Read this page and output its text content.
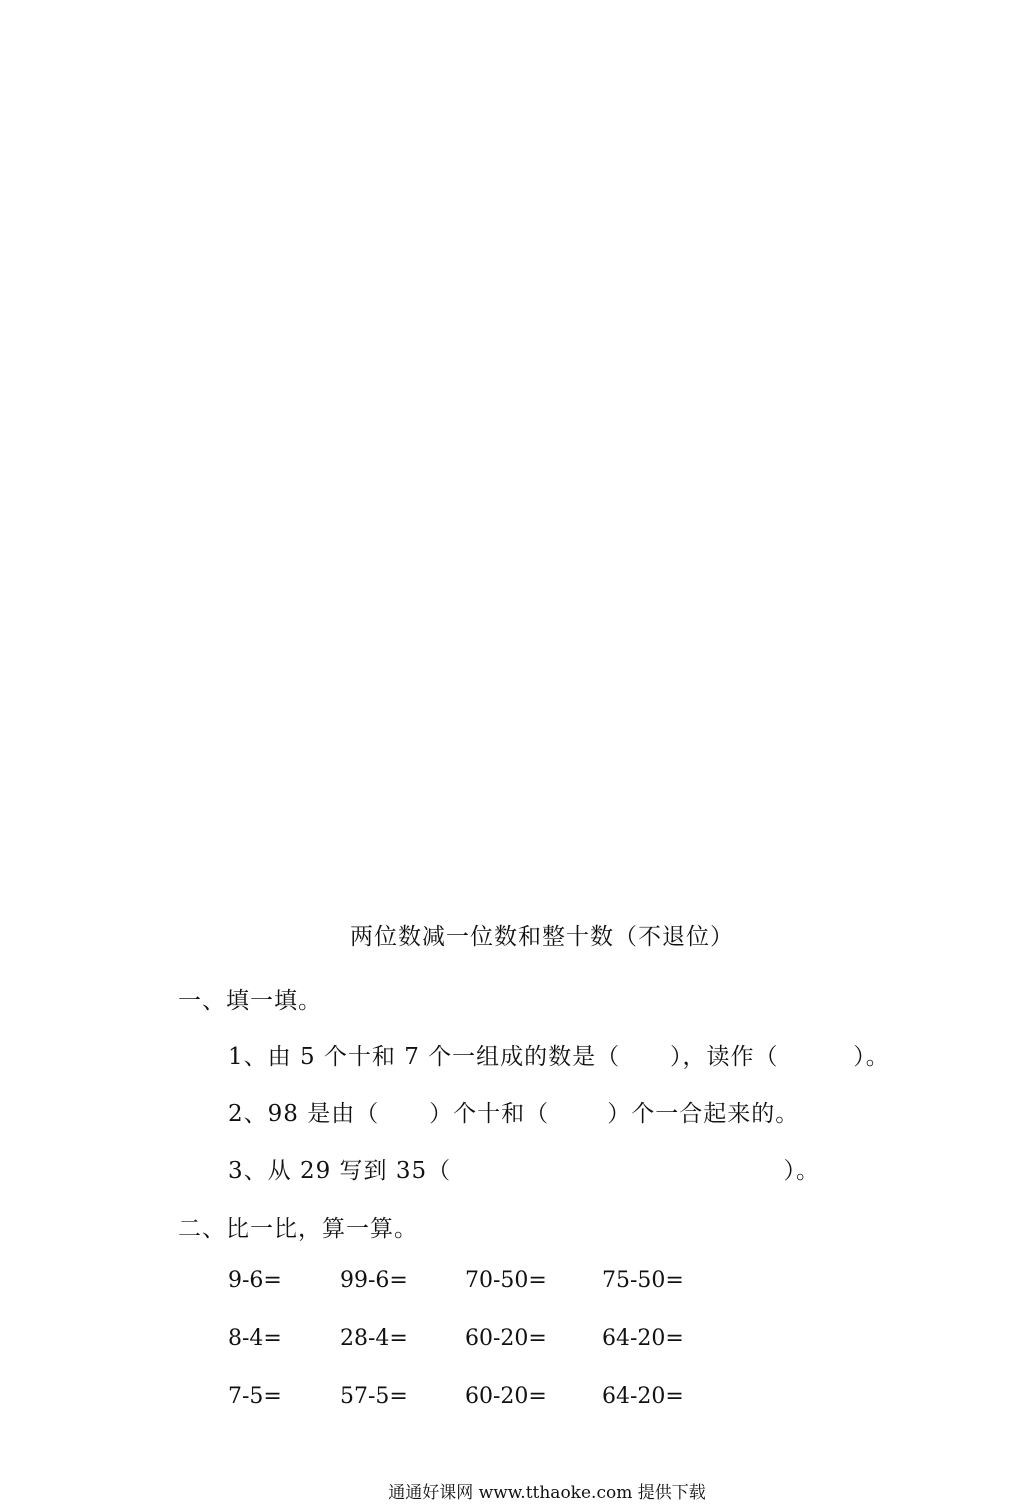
两位数减一位数和整十数（不退位）
一、填一填。
1、由 5 个十和 7 个一组成的数是（      ），读作（         ）。
2、98 是由（      ）个十和（       ）个一合起来的。
3、从 29 写到 35（                                        ）。
二、比一比，算一算。
9-6=	99-6=	70-50=	75-50=
8-4=	28-4=	60-20=	64-20=
7-5=	57-5=	60-20=	64-20=
通通好课网 www.tthaoke.com 提供下载
